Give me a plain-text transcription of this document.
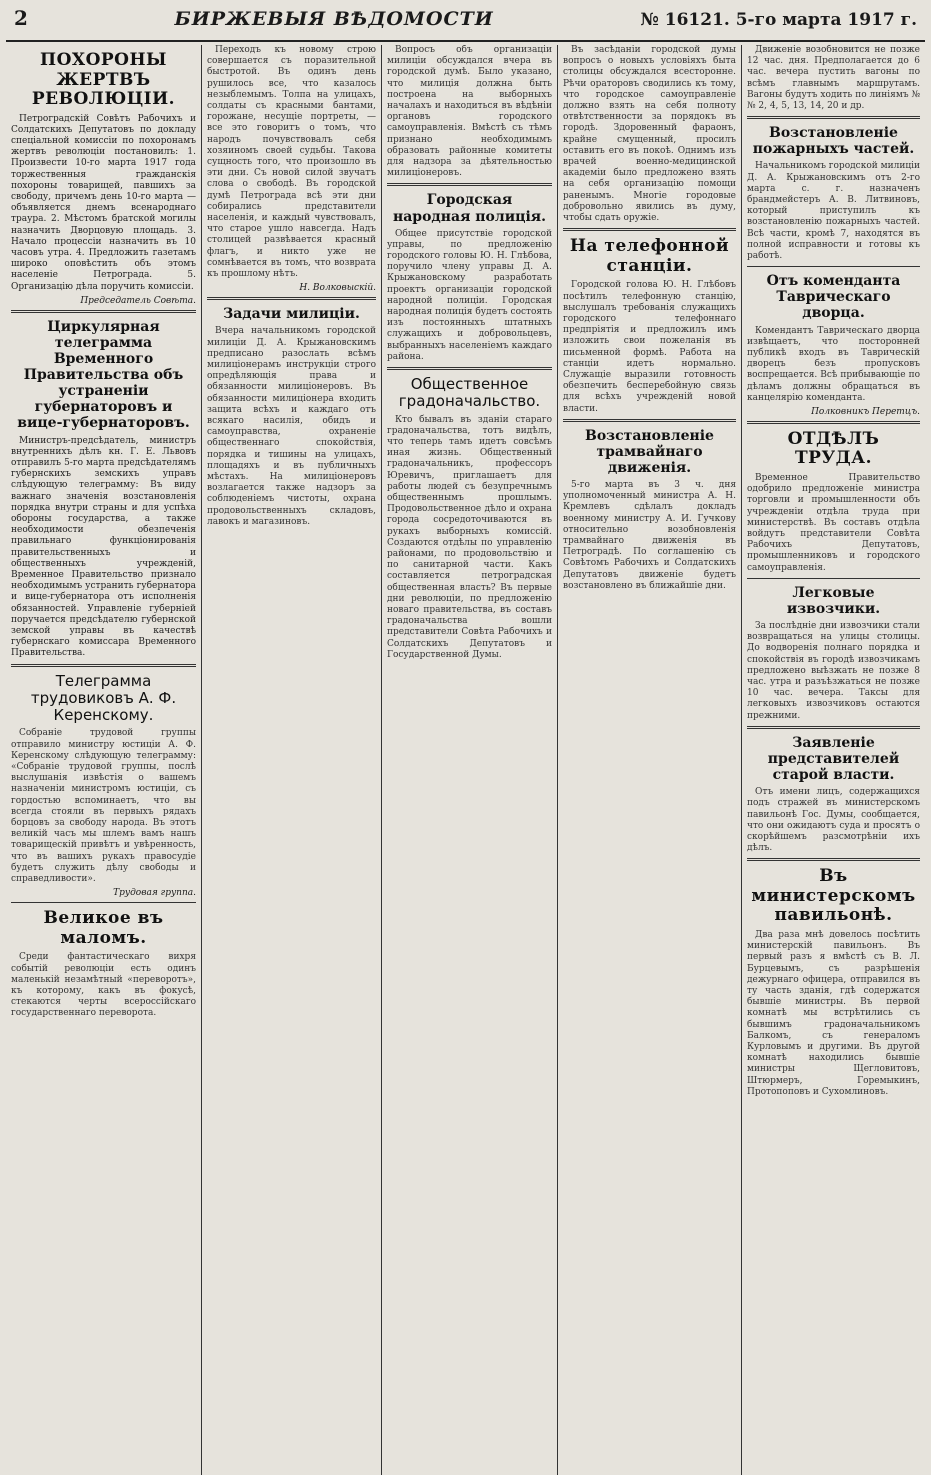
2	БИРЖЕВЫЯ ВѢДОМОСТИ	№ 16121. 5-го марта 1917 г.
ПОХОРОНЫ ЖЕРТВЪ РЕВОЛЮЦІИ.

Петроградскій Совѣтъ Рабочихъ и Солдатскихъ Депутатовъ по докладу спеціальной комиссіи по похоронамъ жертвъ революціи постановилъ: 1. Произвести 10-го марта 1917 года торжественныя гражданскія похороны товарищей, павшихъ за свободу, причемъ день 10-го марта — объявляется днемъ всенароднаго траура. 2. Мѣстомъ братской могилы назначить Дворцовую площадь. 3. Начало процессіи назначить въ 10 часовъ утра. 4. Предложить газетамъ широко оповѣстить объ этомъ населеніе Петрограда. 5. Организацію дѣла поручить комиссіи.

Председатель Совѣта.

Циркулярная телеграмма Временного Правительства объ устраненіи губернаторовъ и вице-губернаторовъ.

Министръ-предсѣдатель, министръ внутреннихъ дѣлъ кн. Г. Е. Львовъ отправилъ 5-го марта предсѣдателямъ губернскихъ земскихъ управъ слѣдующую телеграмму: Въ виду важнаго значенія возстановленія порядка внутри страны и для успѣха обороны государства, а также необходимости обезпеченія правильнаго функціонированія правительственныхъ и общественныхъ учрежденій, Временное Правительство признало необходимымъ устранить губернатора и вице-губернатора отъ исполненія обязанностей. Управленіе губерніей поручается предсѣдателю губернской земской управы въ качествѣ губернскаго комиссара Временного Правительства.

Телеграмма трудовиковъ А. Ф. Керенскому.

Собраніе трудовой группы отправило министру юстиціи А. Ф. Керенскому слѣдующую телеграмму: «Собраніе трудовой группы, послѣ выслушанія извѣстія о вашемъ назначеніи министромъ юстиціи, съ гордостью вспоминаетъ, что вы всегда стояли въ первыхъ рядахъ борцовъ за свободу народа. Въ этотъ великій часъ мы шлемъ вамъ нашъ товарищескій привѣтъ и увѣренность, что въ вашихъ рукахъ правосудіе будетъ служить дѣлу свободы и справедливости».

Трудовая группа.

Великое въ маломъ.

Среди фантастическаго вихря событій революціи есть одинъ маленькій незамѣтный «переворотъ», къ которому, какъ въ фокусѣ, стекаются черты всероссійскаго государственнаго переворота.

Переходъ къ новому строю совершается съ поразительной быстротой. Въ одинъ день рушилось все, что казалось незыблемымъ. Толпа на улицахъ, солдаты съ красными бантами, горожане, несущіе портреты, — все это говоритъ о томъ, что народъ почувствовалъ себя хозяиномъ своей судьбы. Такова сущность того, что произошло въ эти дни. Съ новой силой звучатъ слова о свободѣ. Въ городской думѣ Петрограда всѣ эти дни собирались представители населенія, и каждый чувствовалъ, что старое ушло навсегда. Надъ столицей развѣвается красный флагъ, и никто уже не сомнѣвается въ томъ, что возврата къ прошлому нѣтъ.

Н. Волковыскій.

Задачи милиціи.

Вчера начальникомъ городской милиціи Д. А. Крыжановскимъ предписано разослать всѣмъ милиціонерамъ инструкціи строго опредѣляющія права и обязанности милиціонеровъ. Въ обязанности милиціонера входить защита всѣхъ и каждаго отъ всякаго насилія, обидъ и самоуправства, охраненіе общественнаго спокойствія, порядка и тишины на улицахъ, площадяхъ и въ публичныхъ мѣстахъ. На милиціонеровъ возлагается также надзоръ за соблюденіемъ чистоты, охрана продовольственныхъ складовъ, лавокъ и магазиновъ.

Вопросъ объ организаціи милиціи обсуждался вчера въ городской думѣ. Было указано, что милиція должна быть построена на выборныхъ началахъ и находиться въ вѣдѣніи органовъ городского самоуправленія. Вмѣстѣ съ тѣмъ признано необходимымъ образовать районные комитеты для надзора за дѣятельностью милиціонеровъ.

Городская народная полиція.

Общее присутствіе городской управы, по предложенію городского головы Ю. Н. Глѣбова, поручило члену управы Д. А. Крыжановскому разработать проектъ организаціи городской народной полиціи. Городская народная полиція будетъ состоять изъ постоянныхъ штатныхъ служащихъ и добровольцевъ, выбранныхъ населеніемъ каждаго района.

Общественное градоначальство.

Кто бывалъ въ зданіи стараго градоначальства, тотъ видѣлъ, что теперь тамъ идетъ совсѣмъ иная жизнь. Общественный градоначальникъ, профессоръ Юревичъ, приглашаетъ для работы людей съ безупречнымъ общественнымъ прошлымъ. Продовольственное дѣло и охрана города сосредоточиваются въ рукахъ выборныхъ комиссій. Создаются отдѣлы по управленію районами, по продовольствію и по санитарной части. Какъ составляется петроградская общественная власть? Въ первые дни революціи, по предложенію новаго правительства, въ составъ градоначальства вошли представители Совѣта Рабочихъ и Солдатскихъ Депутатовъ и Государственной Думы.

Въ засѣданіи городской думы вопросъ о новыхъ условіяхъ быта столицы обсуждался всесторонне. Рѣчи ораторовъ сводились къ тому, что городское самоуправленіе должно взять на себя полноту отвѣтственности за порядокъ въ городѣ. Здоровенный фараонъ, крайне смущенный, просилъ оставить его въ покоѣ. Однимъ изъ врачей военно-медицинской академіи было предложено взять на себя организацію помощи раненымъ. Многіе городовые добровольно явились въ думу, чтобы сдать оружіе.

На телефонной станціи.

Городской голова Ю. Н. Глѣбовъ посѣтилъ телефонную станцію, выслушалъ требованія служащихъ городского телефоннаго предпріятія и предложилъ имъ изложить свои пожеланія въ письменной формѣ. Работа на станціи идетъ нормально. Служащіе выразили готовность обезпечить бесперебойную связь для всѣхъ учрежденій новой власти.

Возстановленіе трамвайнаго движенія.

5-го марта въ 3 ч. дня уполномоченный министра А. Н. Кремлевъ сдѣлалъ докладъ военному министру А. И. Гучкову относительно возобновленія трамвайнаго движенія въ Петроградѣ. По соглашенію съ Совѣтомъ Рабочихъ и Солдатскихъ Депутатовъ движеніе будетъ возстановлено въ ближайшіе дни.

Движеніе возобновится не позже 12 час. дня. Предполагается до 6 час. вечера пустить вагоны по всѣмъ главнымъ маршрутамъ. Вагоны будутъ ходить по линіямъ №№ 2, 4, 5, 13, 14, 20 и др.

Возстановленіе пожарныхъ частей.

Начальникомъ городской милиціи Д. А. Крыжановскимъ отъ 2-го марта с. г. назначенъ брандмейстеръ А. В. Литвиновъ, который приступилъ къ возстановленію пожарныхъ частей. Всѣ части, кромѣ 7, находятся въ полной исправности и готовы къ работѣ.

Отъ коменданта Таврическаго дворца.

Комендантъ Таврическаго дворца извѣщаетъ, что посторонней публикѣ входъ въ Таврическій дворецъ безъ пропусковъ воспрещается. Всѣ прибывающіе по дѣламъ должны обращаться въ канцелярію коменданта.

Полковникъ Перетцъ.

ОТДѢЛЪ ТРУДА.

Временное Правительство одобрило предложеніе министра торговли и промышленности объ учрежденіи отдѣла труда при министерствѣ. Въ составъ отдѣла войдутъ представители Совѣта Рабочихъ Депутатовъ, промышленниковъ и городского самоуправленія.

Легковые извозчики.

За послѣдніе дни извозчики стали возвращаться на улицы столицы. До водворенія полнаго порядка и спокойствія въ городѣ извозчикамъ предложено выѣзжать не позже 8 час. утра и разъѣзжаться не позже 10 час. вечера. Таксы для легковыхъ извозчиковъ остаются прежними.

Заявленіе представителей старой власти.

Отъ имени лицъ, содержащихся подъ стражей въ министерскомъ павильонѣ Гос. Думы, сообщается, что они ожидаютъ суда и просятъ о скорѣйшемъ разсмотрѣніи ихъ дѣлъ.

Въ министерскомъ павильонѣ.

Два раза мнѣ довелось посѣтить министерскій павильонъ. Въ первый разъ я вмѣстѣ съ В. Л. Бурцевымъ, съ разрѣшенія дежурнаго офицера, отправился въ ту часть зданія, гдѣ содержатся бывшіе министры. Въ первой комнатѣ мы встрѣтились съ бывшимъ градоначальникомъ Балкомъ, съ генераломъ Курловымъ и другими. Въ другой комнатѣ находились бывшіе министры Щегловитовъ, Штюрмеръ, Горемыкинъ, Протопоповъ и Сухомлиновъ.
